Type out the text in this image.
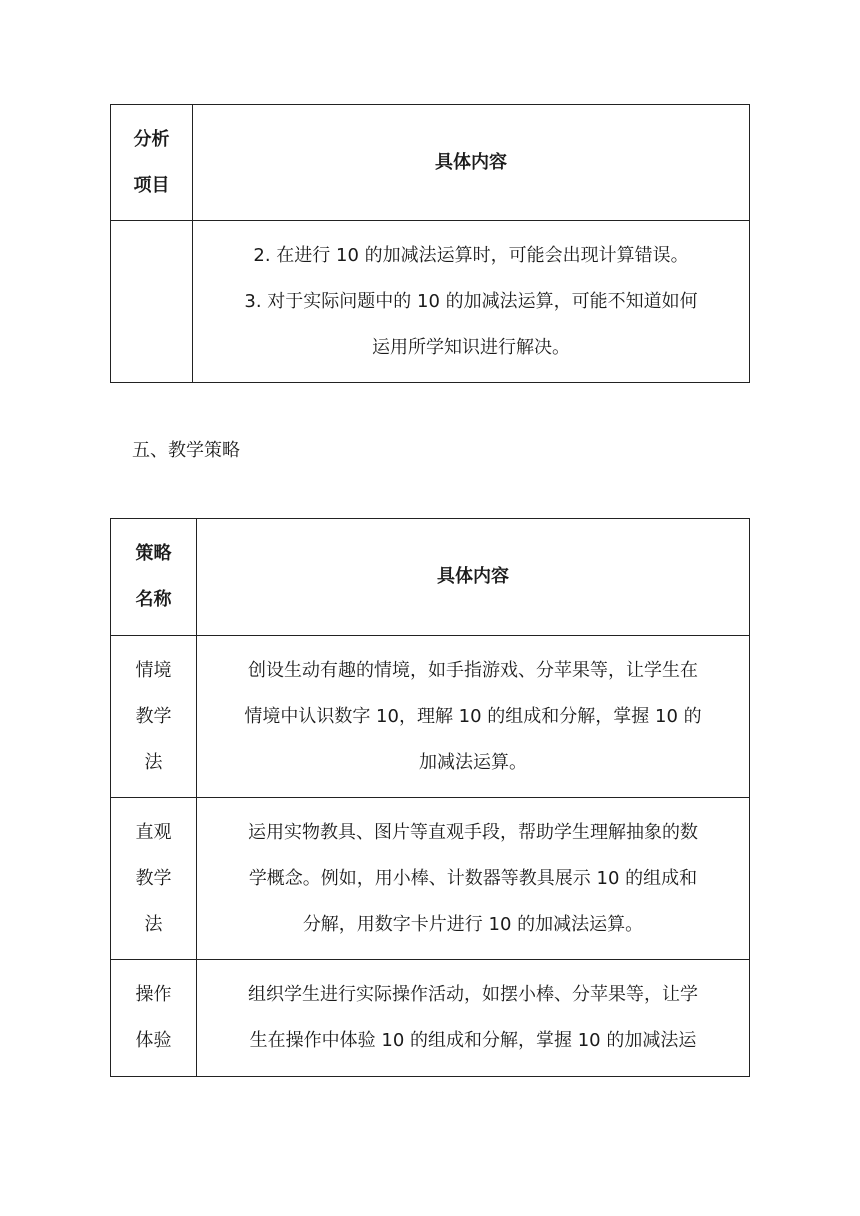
分析
项目	具体内容

	2. 在进行 10 的加减法运算时，可能会出现计算错误。
3. 对于实际问题中的 10 的加减法运算，可能不知道如何
运用所学知识进行解决。
五、教学策略
策略
名称	具体内容

情境
教学
法	创设生动有趣的情境，如手指游戏、分苹果等，让学生在
情境中认识数字 10，理解 10 的组成和分解，掌握 10 的
加减法运算。

直观
教学
法	运用实物教具、图片等直观手段，帮助学生理解抽象的数
学概念。例如，用小棒、计数器等教具展示 10 的组成和
分解，用数字卡片进行 10 的加减法运算。

操作
体验	组织学生进行实际操作活动，如摆小棒、分苹果等，让学
生在操作中体验 10 的组成和分解，掌握 10 的加减法运
